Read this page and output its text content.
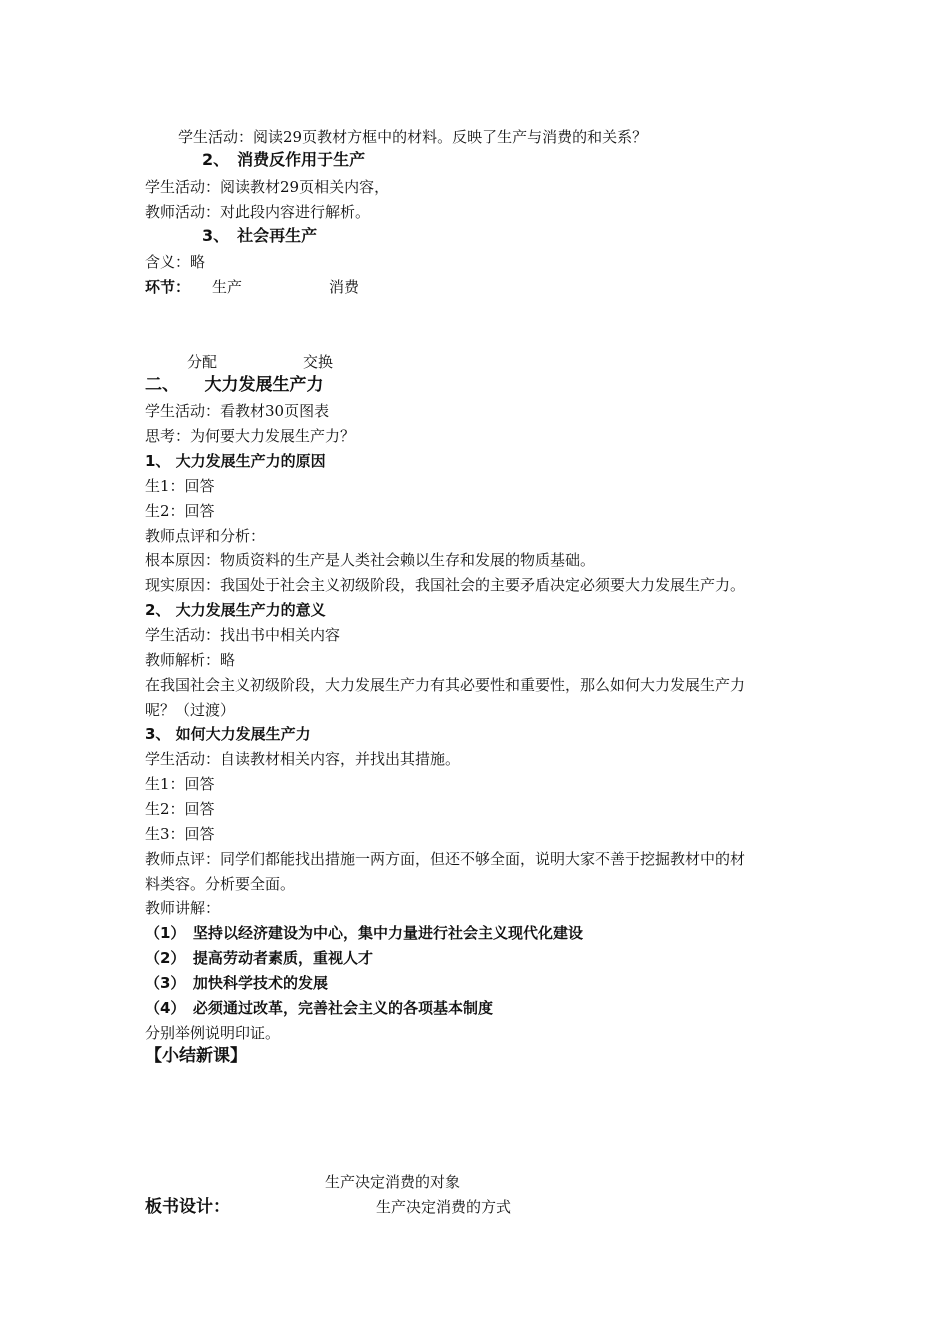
学生活动：阅读29页教材方框中的材料。反映了生产与消费的和关系？
2、　消费反作用于生产
学生活动：阅读教材29页相关内容，
教师活动：对此段内容进行解析。
3、　社会再生产
含义：略
环节： 生产	消费
分配	交换
二、　　大力发展生产力
学生活动：看教材30页图表
思考：为何要大力发展生产力？
1、 大力发展生产力的原因
生1：回答
生2：回答
教师点评和分析：
根本原因：物质资料的生产是人类社会赖以生存和发展的物质基础。
现实原因：我国处于社会主义初级阶段，我国社会的主要矛盾决定必须要大力发展生产力。
2、 大力发展生产力的意义
学生活动：找出书中相关内容
教师解析：略
在我国社会主义初级阶段，大力发展生产力有其必要性和重要性，那么如何大力发展生产力
呢？（过渡）
3、 如何大力发展生产力
学生活动：自读教材相关内容，并找出其措施。
生1：回答
生2：回答
生3：回答
教师点评：同学们都能找出措施一两方面，但还不够全面，说明大家不善于挖掘教材中的材
料类容。分析要全面。
教师讲解：
（1）　坚持以经济建设为中心，集中力量进行社会主义现代化建设
（2）　提高劳动者素质，重视人才
（3）　加快科学技术的发展
（4）　必须通过改革，完善社会主义的各项基本制度
分别举例说明印证。
【小结新课】
生产决定消费的对象
板书设计：	生产决定消费的方式
